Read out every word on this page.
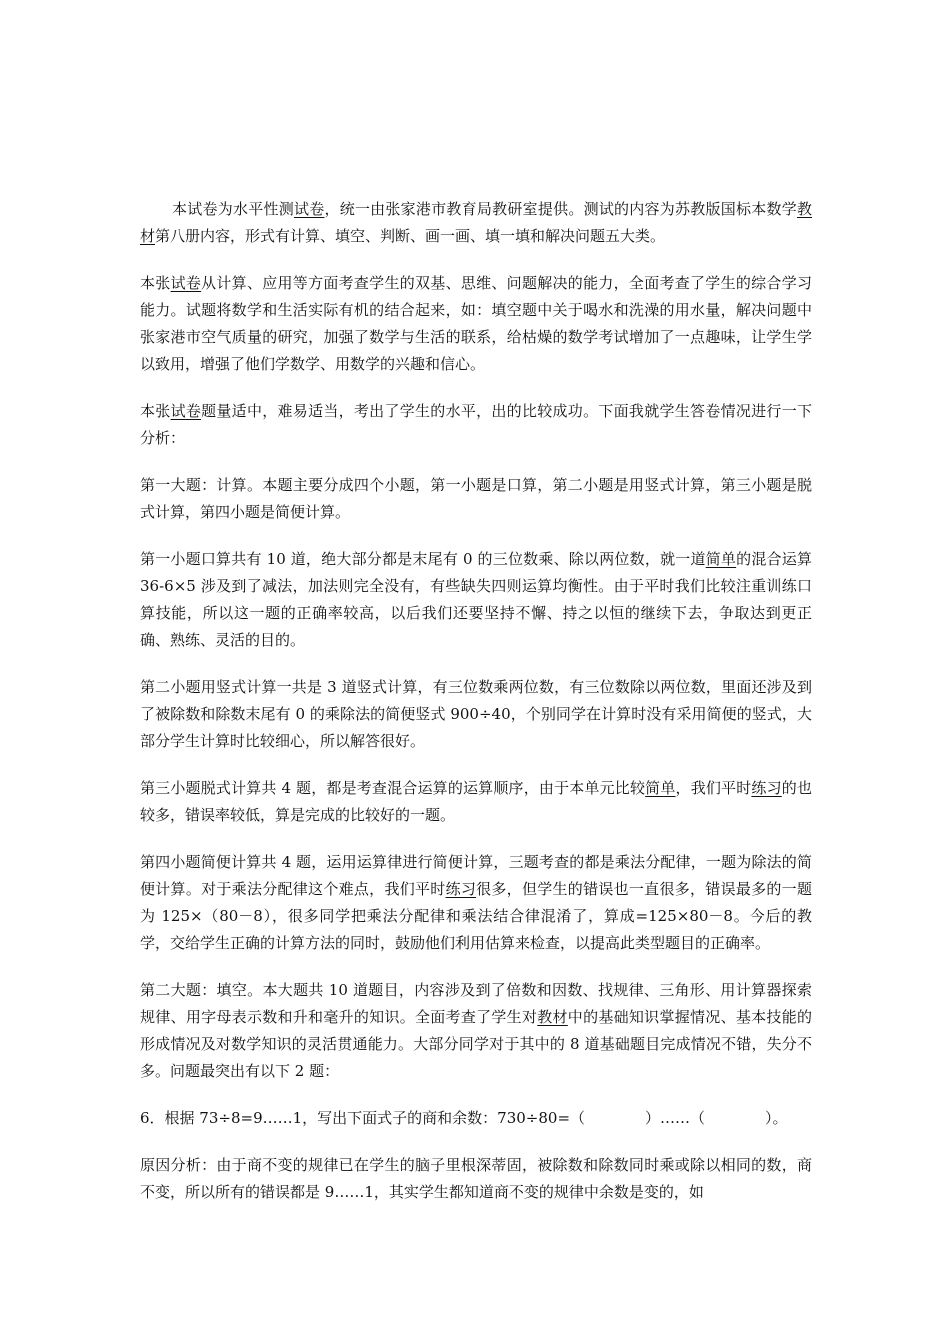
本试卷为水平性测试卷，统一由张家港市教育局教研室提供。测试的内容为苏教版国标本数学教材第八册内容，形式有计算、填空、判断、画一画、填一填和解决问题五大类。

本张试卷从计算、应用等方面考查学生的双基、思维、问题解决的能力，全面考查了学生的综合学习能力。试题将数学和生活实际有机的结合起来，如：填空题中关于喝水和洗澡的用水量，解决问题中张家港市空气质量的研究，加强了数学与生活的联系，给枯燥的数学考试增加了一点趣味，让学生学以致用，增强了他们学数学、用数学的兴趣和信心。

本张试卷题量适中，难易适当，考出了学生的水平，出的比较成功。下面我就学生答卷情况进行一下分析：

第一大题：计算。本题主要分成四个小题，第一小题是口算，第二小题是用竖式计算，第三小题是脱式计算，第四小题是简便计算。

第一小题口算共有 10 道，绝大部分都是末尾有 0 的三位数乘、除以两位数，就一道简单的混合运算 36-6×5 涉及到了减法，加法则完全没有，有些缺失四则运算均衡性。由于平时我们比较注重训练口算技能，所以这一题的正确率较高，以后我们还要坚持不懈、持之以恒的继续下去，争取达到更正确、熟练、灵活的目的。

第二小题用竖式计算一共是 3 道竖式计算，有三位数乘两位数，有三位数除以两位数，里面还涉及到了被除数和除数末尾有 0 的乘除法的简便竖式 900÷40，个别同学在计算时没有采用简便的竖式，大部分学生计算时比较细心，所以解答很好。

第三小题脱式计算共 4 题，都是考查混合运算的运算顺序，由于本单元比较简单，我们平时练习的也较多，错误率较低，算是完成的比较好的一题。

第四小题简便计算共 4 题，运用运算律进行简便计算，三题考查的都是乘法分配律，一题为除法的简便计算。对于乘法分配律这个难点，我们平时练习很多，但学生的错误也一直很多，错误最多的一题为 125×（80－8），很多同学把乘法分配律和乘法结合律混淆了，算成=125×80－8。今后的教学，交给学生正确的计算方法的同时，鼓励他们利用估算来检查，以提高此类型题目的正确率。

第二大题：填空。本大题共 10 道题目，内容涉及到了倍数和因数、找规律、三角形、用计算器探索规律、用字母表示数和升和毫升的知识。全面考查了学生对教材中的基础知识掌握情况、基本技能的形成情况及对数学知识的灵活贯通能力。大部分同学对于其中的 8 道基础题目完成情况不错，失分不多。问题最突出有以下 2 题：

6．根据 73÷8=9……1，写出下面式子的商和余数：730÷80=（	）……（	）。

原因分析：由于商不变的规律已在学生的脑子里根深蒂固，被除数和除数同时乘或除以相同的数，商不变，所以所有的错误都是 9……1，其实学生都知道商不变的规律中余数是变的，如
